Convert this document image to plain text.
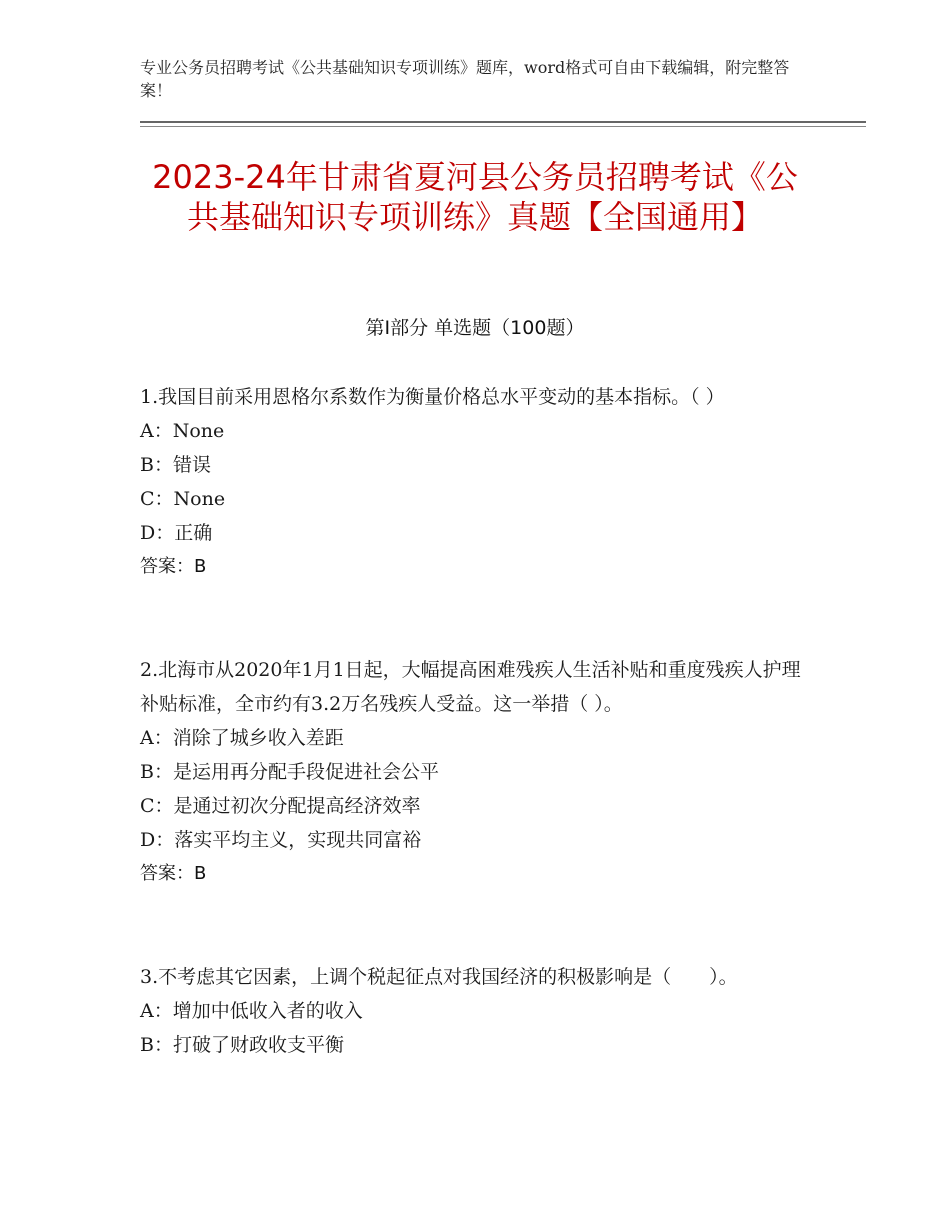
专业公务员招聘考试《公共基础知识专项训练》题库，word格式可自由下载编辑，附完整答案！
2023-24年甘肃省夏河县公务员招聘考试《公共基础知识专项训练》真题【全国通用】
第Ⅰ部分 单选题（100题）

1.我国目前采用恩格尔系数作为衡量价格总水平变动的基本指标。（ ）

A：None

B：错误

C：None

D：正确

答案：B

2.北海市从2020年1月1日起，大幅提高困难残疾人生活补贴和重度残疾人护理补贴标准，全市约有3.2万名残疾人受益。这一举措（ ）。

A：消除了城乡收入差距

B：是运用再分配手段促进社会公平

C：是通过初次分配提高经济效率

D：落实平均主义，实现共同富裕

答案：B

3.不考虑其它因素，上调个税起征点对我国经济的积极影响是（　　）。

A：增加中低收入者的收入

B：打破了财政收支平衡
